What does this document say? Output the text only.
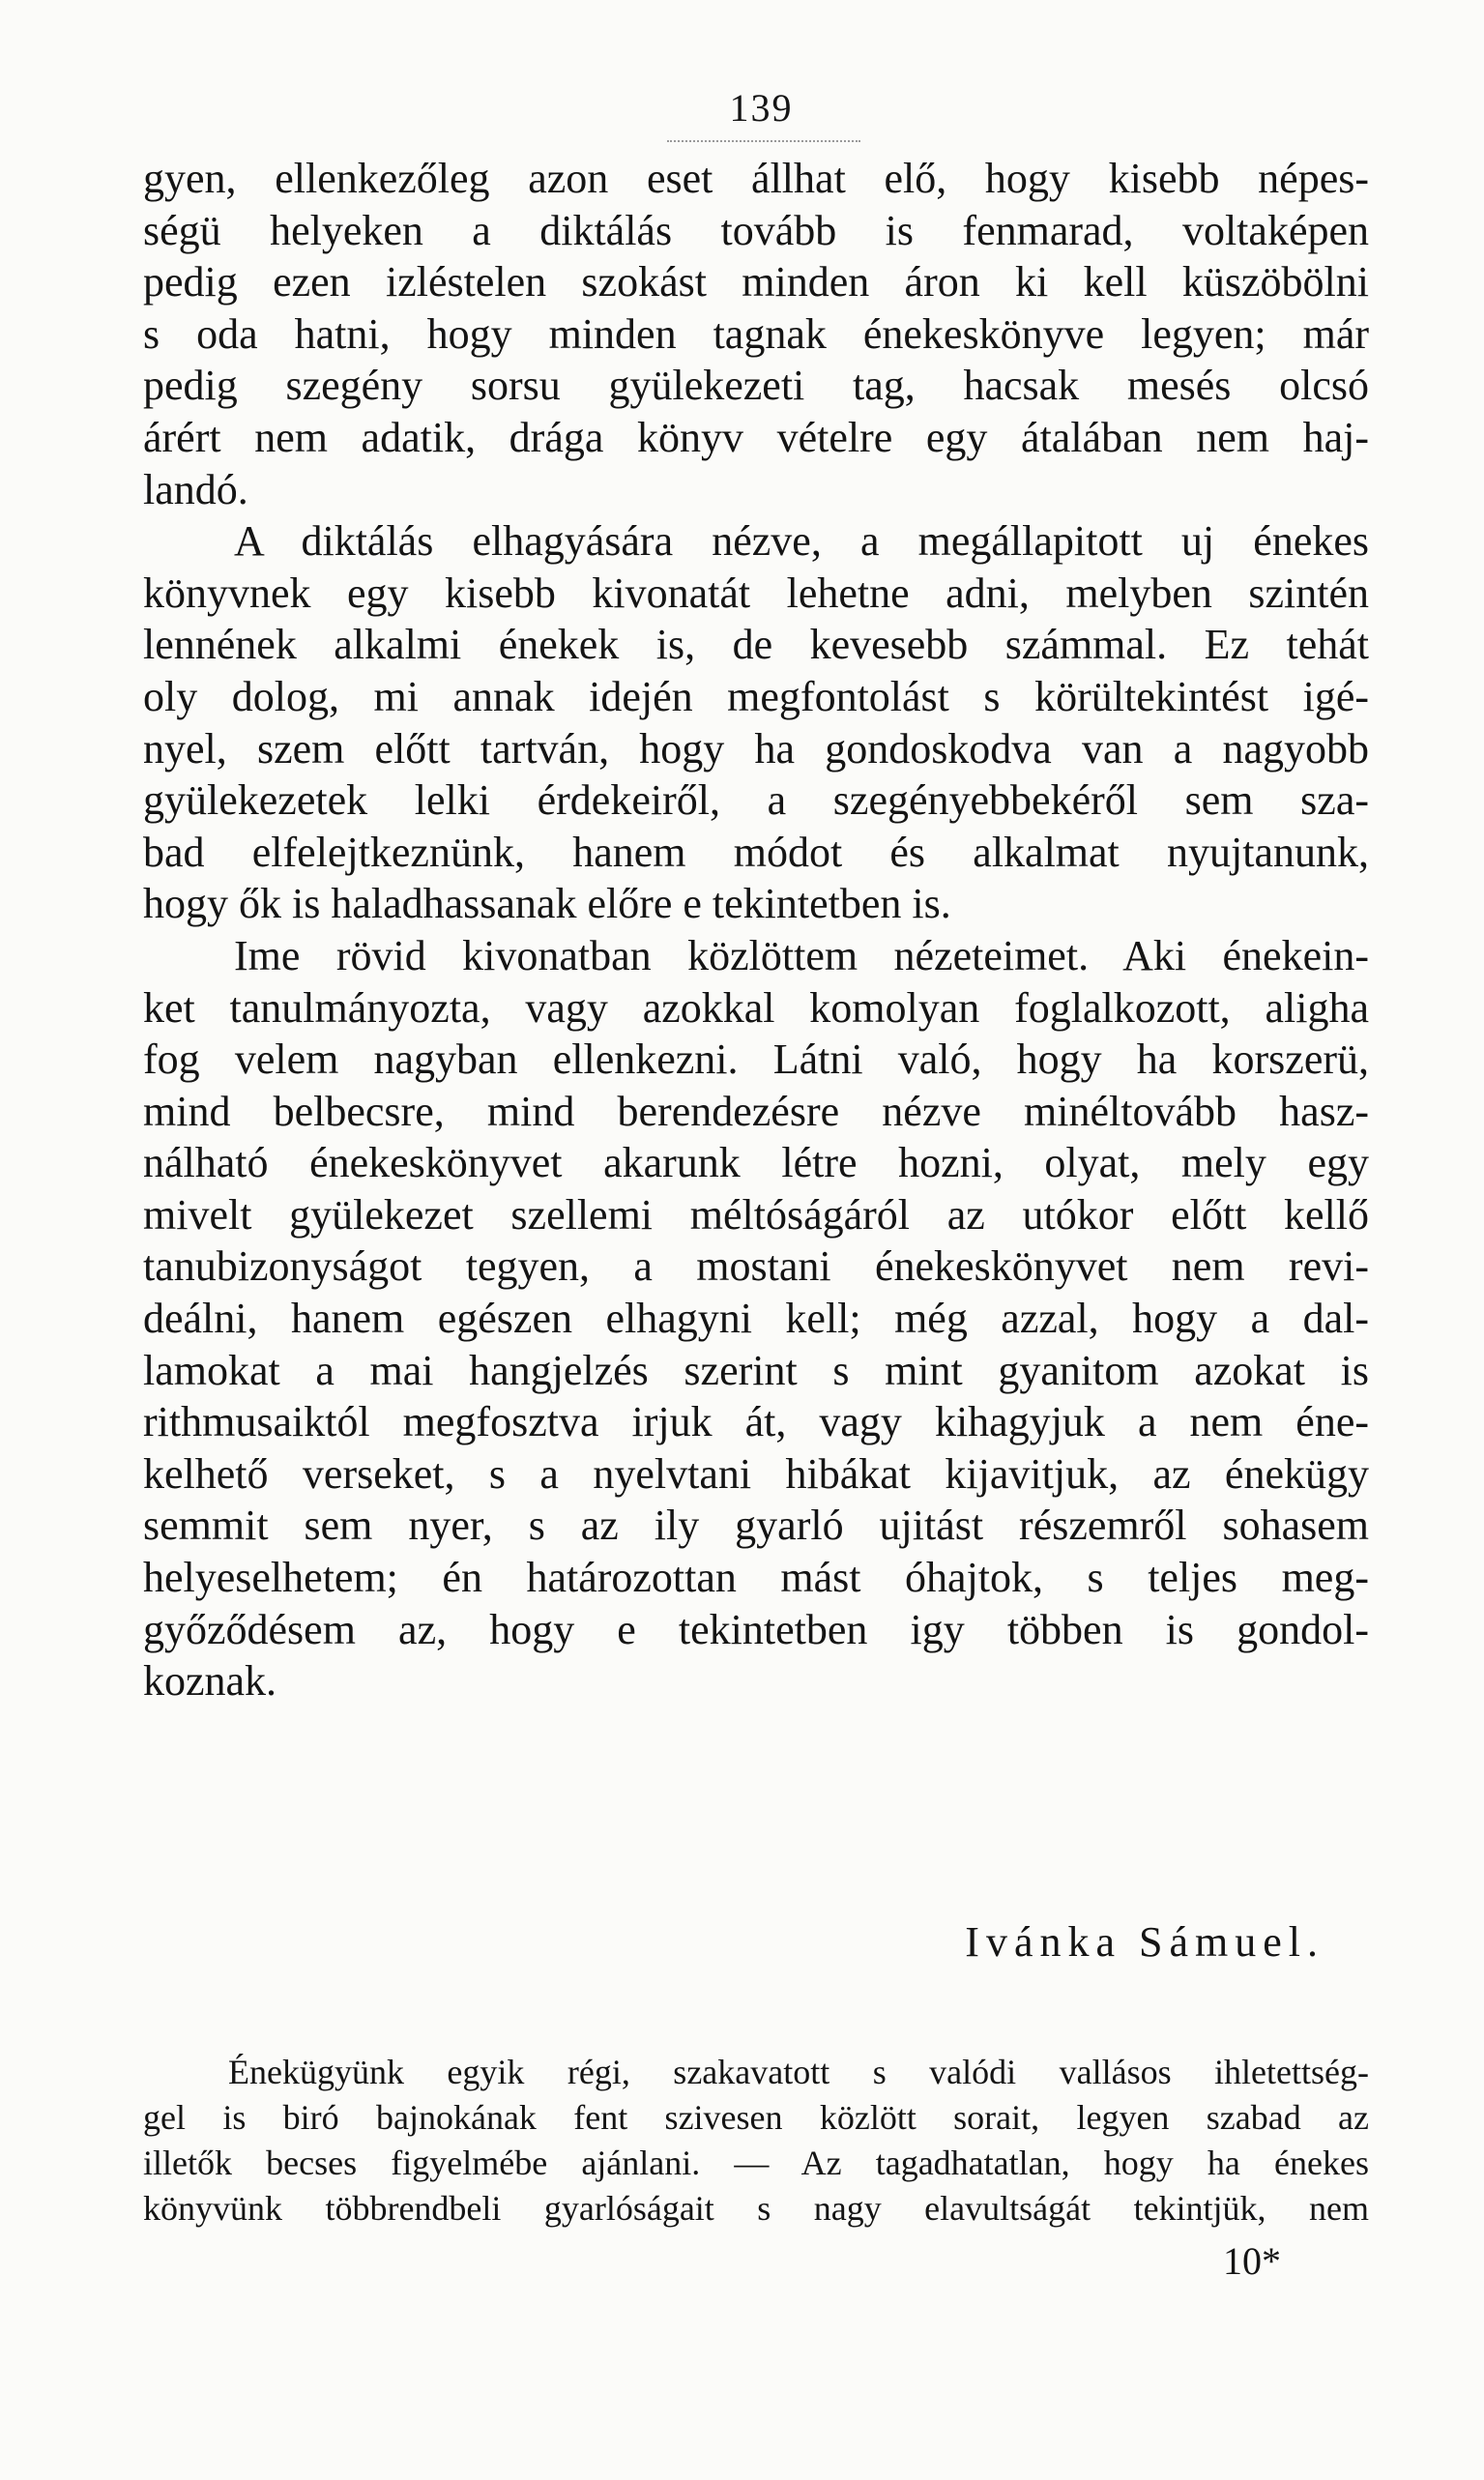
139
gyen, ellenkezőleg azon eset állhat elő, hogy kisebb népes-
ségü helyeken a diktálás tovább is fenmarad, voltaképen
pedig ezen izléstelen szokást minden áron ki kell küszöbölni
s oda hatni, hogy minden tagnak énekeskönyve legyen; már
pedig szegény sorsu gyülekezeti tag, hacsak mesés olcsó
árért nem adatik, drága könyv vételre egy átalában nem haj-
landó.
A diktálás elhagyására nézve, a megállapitott uj énekes
könyvnek egy kisebb kivonatát lehetne adni, melyben szintén
lennének alkalmi énekek is, de kevesebb számmal. Ez tehát
oly dolog, mi annak idején megfontolást s körültekintést igé-
nyel, szem előtt tartván, hogy ha gondoskodva van a nagyobb
gyülekezetek lelki érdekeiről, a szegényebbekéről sem sza-
bad elfelejtkeznünk, hanem módot és alkalmat nyujtanunk,
hogy ők is haladhassanak előre e tekintetben is.
Ime rövid kivonatban közlöttem nézeteimet. Aki énekein-
ket tanulmányozta, vagy azokkal komolyan foglalkozott, aligha
fog velem nagyban ellenkezni. Látni való, hogy ha korszerü,
mind belbecsre, mind berendezésre nézve minéltovább hasz-
nálható énekeskönyvet akarunk létre hozni, olyat, mely egy
mivelt gyülekezet szellemi méltóságáról az utókor előtt kellő
tanubizonyságot tegyen, a mostani énekeskönyvet nem revi-
deálni, hanem egészen elhagyni kell; még azzal, hogy a dal-
lamokat a mai hangjelzés szerint s mint gyanitom azokat is
rithmusaiktól megfosztva irjuk át, vagy kihagyjuk a nem éne-
kelhető verseket, s a nyelvtani hibákat kijavitjuk, az éneküg​y
semmit sem nyer, s az ily gyarló ujitást részemről sohasem
helyeselhetem; én határozottan mást óhajtok, s teljes meg-
győződésem az, hogy e tekintetben igy többen is gondol-
koznak.
Ivánka Sámuel.
Énekügyünk egyik régi, szakavatott s valódi vallásos ihletettség-
gel is biró bajnokának fent szivesen közlött sorait, legyen szabad az
illetők becses figyelmébe ajánlani. — Az tagadhatatlan, hogy ha énekes
könyvünk többrendbeli gyarlóságait s nagy elavultságát tekintjük, nem
10*
